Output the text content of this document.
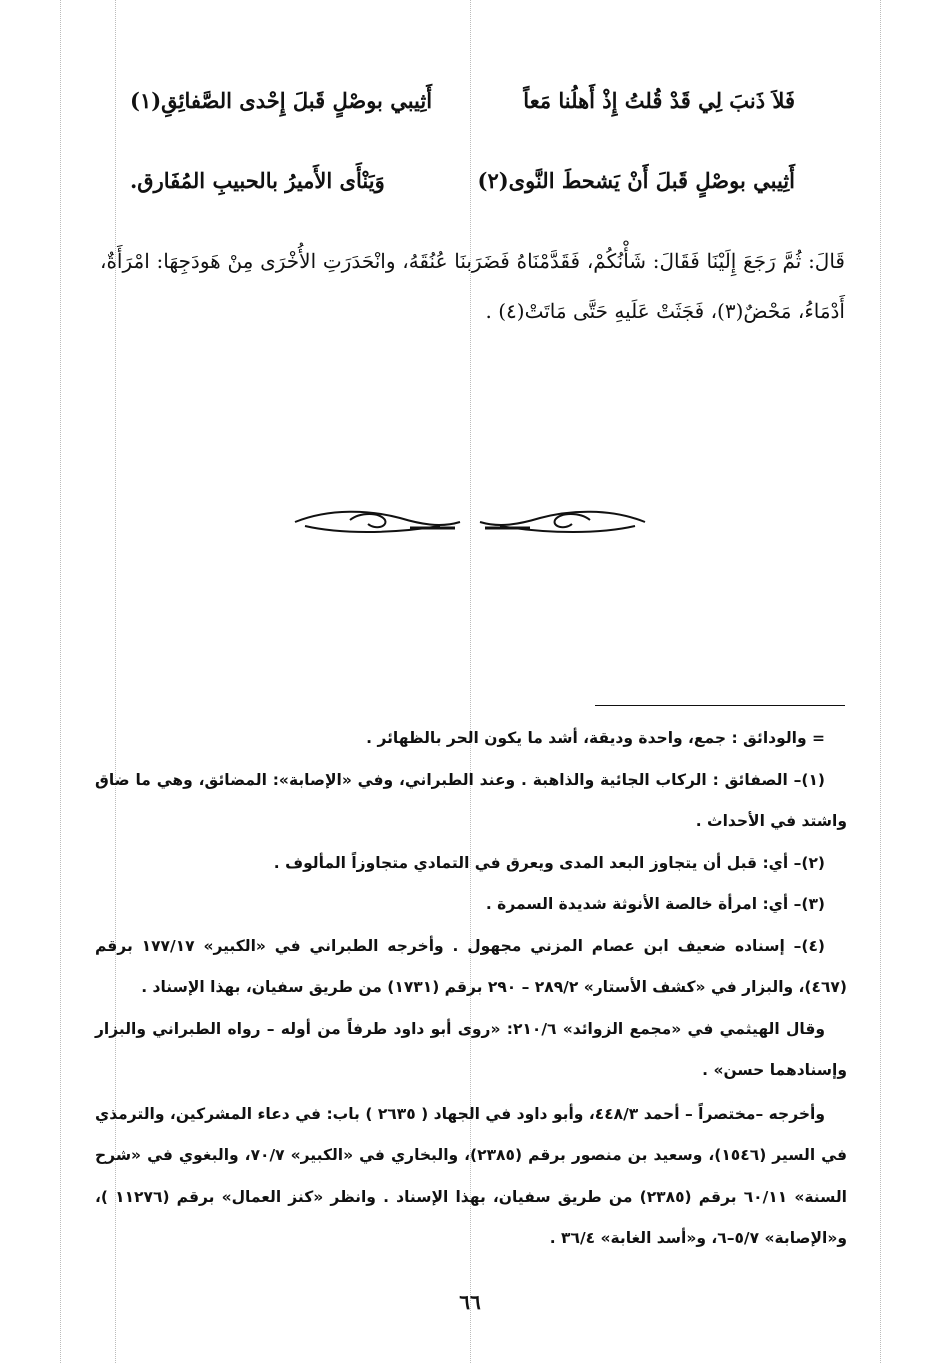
فَلاَ ذَنبَ لِي قَدْ قُلتُ إِذْ أَهلُنا مَعاً
أَثِيبي بوصْلٍ قَبلَ إِحْدى الصَّفائِقِ(١)
أَثِيبي بوصْلٍ قَبلَ أَنْ يَشحطَ النَّوى(٢)
وَيَنْأَى الأَميرُ بالحبيبِ المُفَارق.
قَالَ: ثُمَّ رَجَعَ إِلَيْنَا فَقَالَ: شَأْنُكُمْ، فَقَدَّمْنَاهُ فَضَرَبنَا عُنُقَهُ، وانْحَدَرَتِ الأُخْرَى مِنْ هَودَجِهَا: امْرَأَةٌ، أَدْمَاءُ، مَحْضٌ(٣)، فَجَثَتْ عَلَيهِ حَتَّى مَاتَتْ(٤) .

= والودائق : جمع، واحدة وديقة، أشد ما يكون الحر بالظهائر .

(١)– الصفائق : الركاب الجائية والذاهبة . وعند الطبراني، وفي «الإصابة»: المضائق، وهي ما ضاق واشتد في الأحداث .

(٢)– أي: قبل أن يتجاوز البعد المدى ويعرق في التمادي متجاوزاً المألوف .

(٣)– أي: امرأة خالصة الأنوثة شديدة السمرة .

(٤)– إسناده ضعيف ابن عصام المزني مجهول . وأخرجه الطبراني في «الكبير» ١٧٧/١٧ برقم (٤٦٧)، والبزار في «كشف الأستار» ٢٨٩/٢ – ٢٩٠ برقم (١٧٣١) من طريق سفيان، بهذا الإسناد .

وقال الهيثمي في «مجمع الزوائد» ٢١٠/٦: «روى أبو داود طرفاً من أوله – رواه الطبراني والبزار وإسنادهما حسن» .

وأخرجه –مختصراً – أحمد ٤٤٨/٣، وأبو داود في الجهاد ( ٢٦٣٥ ) باب: في دعاء المشركين، والترمذي في السير (١٥٤٦)، وسعيد بن منصور برقم (٢٣٨٥)، والبخاري في «الكبير» ٧٠/٧، والبغوي في «شرح السنة» ٦٠/١١ برقم (٢٣٨٥) من طريق سفيان، بهذا الإسناد . وانظر «كنز العمال» برقم (١١٢٧٦ )، و«الإصابة» ٥/٧–٦، و«أسد الغابة» ٣٦/٤ .

٦٦
